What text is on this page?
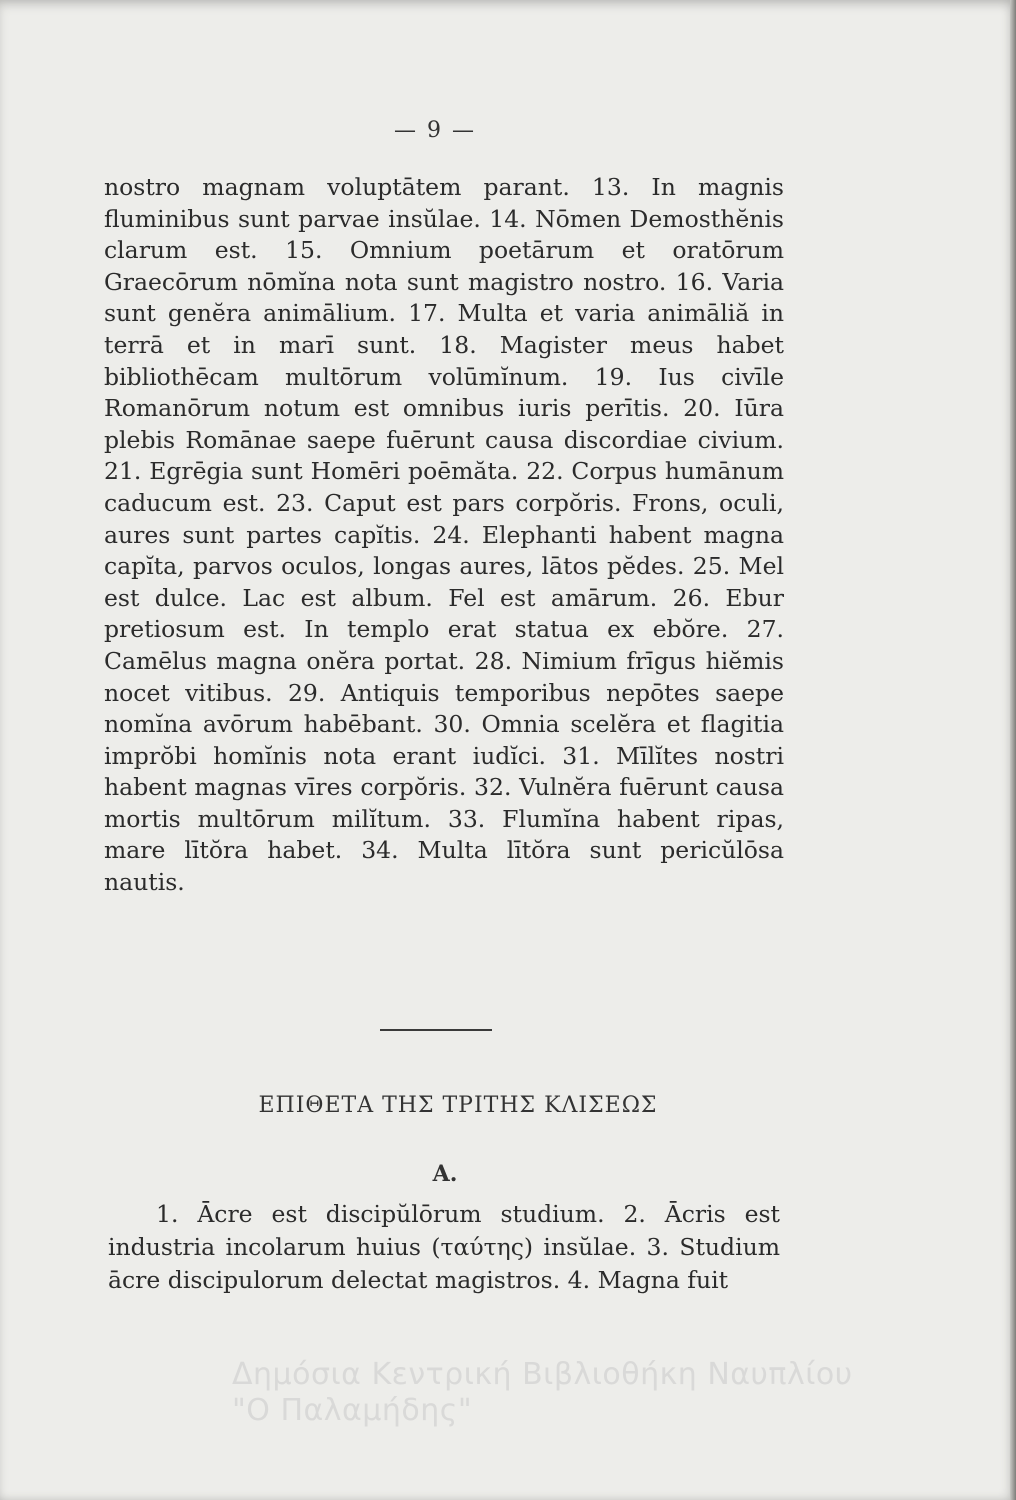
— 9 —

nostro magnam voluptātem parant. 13. In magnis fluminibus sunt parvae insŭlae. 14. Nōmen Demosthĕnis clarum est. 15. Omnium poetārum et oratōrum Graecōrum nōmĭna nota sunt magistro nostro. 16. Varia sunt genĕra animālium. 17. Multa et varia animāliă in terrā et in marī sunt. 18. Magister meus habet bibliothēcam multōrum volūmĭnum. 19. Ius civīle Romanōrum notum est omnibus iuris perītis. 20. Iūra plebis Romānae saepe fuērunt causa discordiae civium. 21. Egrēgia sunt Homēri poēmăta. 22. Corpus humānum caducum est. 23. Caput est pars corpŏris. Frons, oculi, aures sunt partes capĭtis. 24. Elephanti habent magna capĭta, parvos oculos, longas aures, lātos pĕdes. 25. Mel est dulce. Lac est album. Fel est amārum. 26. Ebur pretiosum est. In templo erat statua ex ebŏre. 27. Camēlus magna onĕra portat. 28. Nimium frīgus hiĕmis nocet vitibus. 29. Antiquis temporibus nepōtes saepe nomĭna avōrum habēbant. 30. Omnia scelĕra et flagitia imprŏbi homĭnis nota erant iudĭci. 31. Mīlĭtes nostri habent magnas vīres corpŏris. 32. Vulnĕra fuērunt causa mortis multōrum milĭtum. 33. Flumĭna habent ripas, mare lītŏra habet. 34. Multa lītŏra sunt pericŭlōsa nautis.

ΕΠΙΘΕΤΑ ΤΗΣ ΤΡΙΤΗΣ ΚΛΙΣΕΩΣ
A.

1. Ācre est discipŭlōrum studium. 2. Ācris est industria incolarum huius (ταύτης) insŭlae. 3. Studium ācre discipulorum delectat magistros. 4. Magna fuit

Δημόσια Κεντρική Βιβλιοθήκη Ναυπλίου
"Ο Παλαμήδης"
